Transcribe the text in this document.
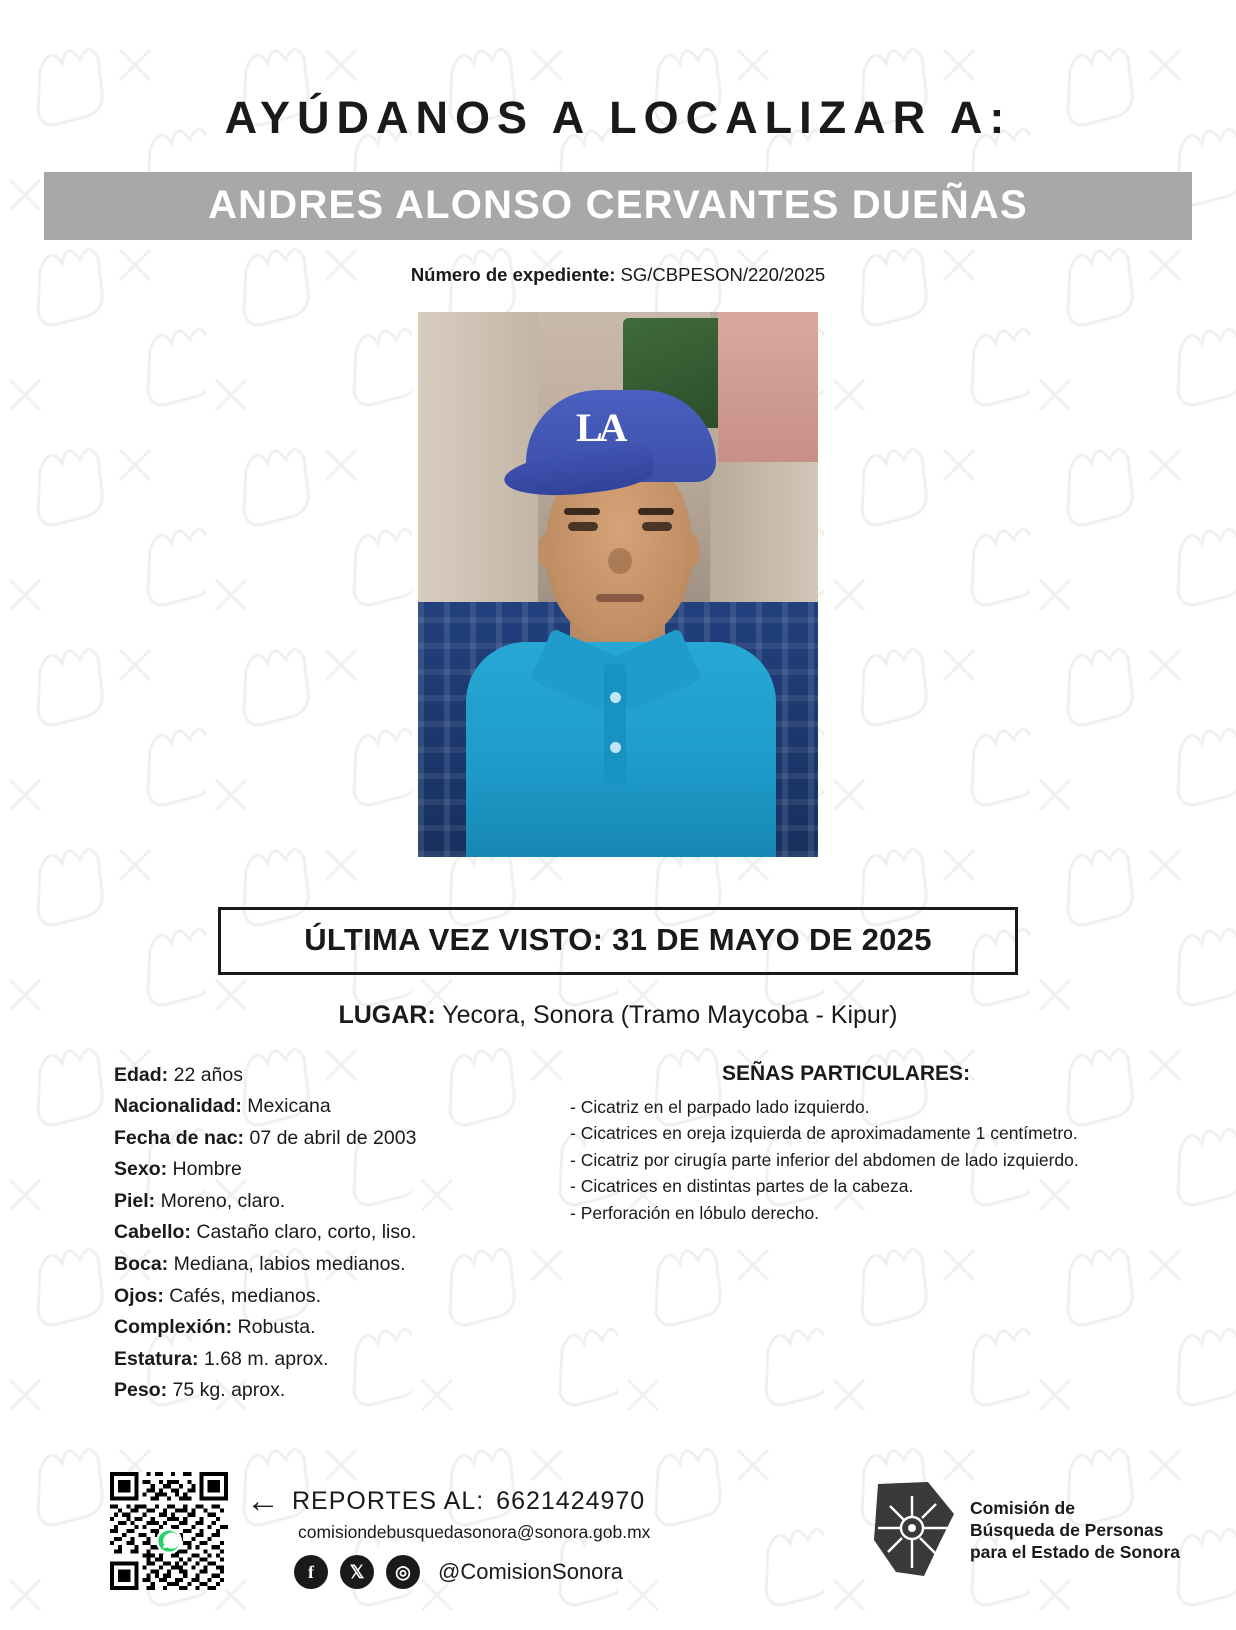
AYÚDANOS A LOCALIZAR A:
ANDRES ALONSO CERVANTES DUEÑAS
Número de expediente: SG/CBPESON/220/2025
LA
ÚLTIMA VEZ VISTO: 31 DE MAYO DE 2025
LUGAR: Yecora, Sonora (Tramo Maycoba - Kipur)
Edad: 22 años
Nacionalidad: Mexicana
Fecha de nac: 07 de abril de 2003
Sexo: Hombre
Piel: Moreno, claro.
Cabello: Castaño claro, corto, liso.
Boca: Mediana, labios medianos.
Ojos: Cafés, medianos.
Complexión: Robusta.
Estatura: 1.68 m. aprox.
Peso: 75 kg. aprox.
SEÑAS PARTICULARES:
- Cicatriz en el parpado lado izquierdo.
- Cicatrices en oreja izquierda de aproximadamente 1 centímetro.
- Cicatriz por cirugía parte inferior del abdomen de lado izquierdo.
- Cicatrices en distintas partes de la cabeza.
- Perforación en lóbulo derecho.
← REPORTES AL: 6621424970
comisiondebusquedasonora@sonora.gob.mx
f	𝕏	◎	@ComisionSonora
Comisión de
Búsqueda de Personas
para el Estado de Sonora
